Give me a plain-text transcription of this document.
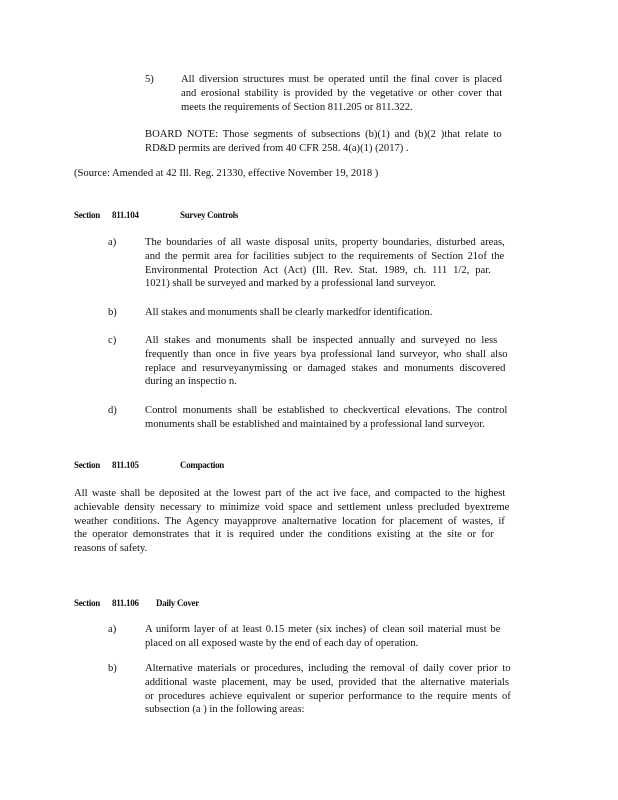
5)	All diversion structures must be operated until the final cover is placed
and erosional stability is provided by the vegetative or other cover that
meets the requirements of Section 811.205 or 811.322.
BOARD NOTE: Those segments of subsections (b)(1) and (b)(2 )that relate to
RD&D permits are derived from 40 CFR 258. 4(a)(1) (2017) .
(Source: Amended at 42 Ill. Reg. 21330, effective November 19, 2018 )
Section 811.104	Survey Controls
a)	The boundaries of all waste disposal units, property boundaries, disturbed areas,
and the permit area for facilities subject to the requirements of Section 21of the
Environmental Protection Act (Act) (Ill. Rev. Stat. 1989, ch. 111 1/2, par.
1021) shall be surveyed and marked by a professional land surveyor.
b)	All stakes and monuments shall be clearly markedfor identification.
c)	All stakes and monuments shall be inspected annually and surveyed no less
frequently than once in five years bya professional land surveyor, who shall also
replace and resurveyanymissing or damaged stakes and monuments discovered
during an inspectio n.
d)	Control monuments shall be established to checkvertical elevations. The control
monuments shall be established and maintained by a professional land surveyor.
Section 811.105	Compaction
All waste shall be deposited at the lowest part of the act ive face, and compacted to the highest
achievable density necessary to minimize void space and settlement unless precluded byextreme
weather conditions. The Agency mayapprove analternative location for placement of wastes, if
the operator demonstrates that it is required under the conditions existing at the site or for
reasons of safety.
Section 811.106 Daily Cover
a)	A uniform layer of at least 0.15 meter (six inches) of clean soil material must be
placed on all exposed waste by the end of each day of operation.
b)	Alternative materials or procedures, including the removal of daily cover prior to
additional waste placement, may be used, provided that the alternative materials
or procedures achieve equivalent or superior performance to the require ments of
subsection (a ) in the following areas:
